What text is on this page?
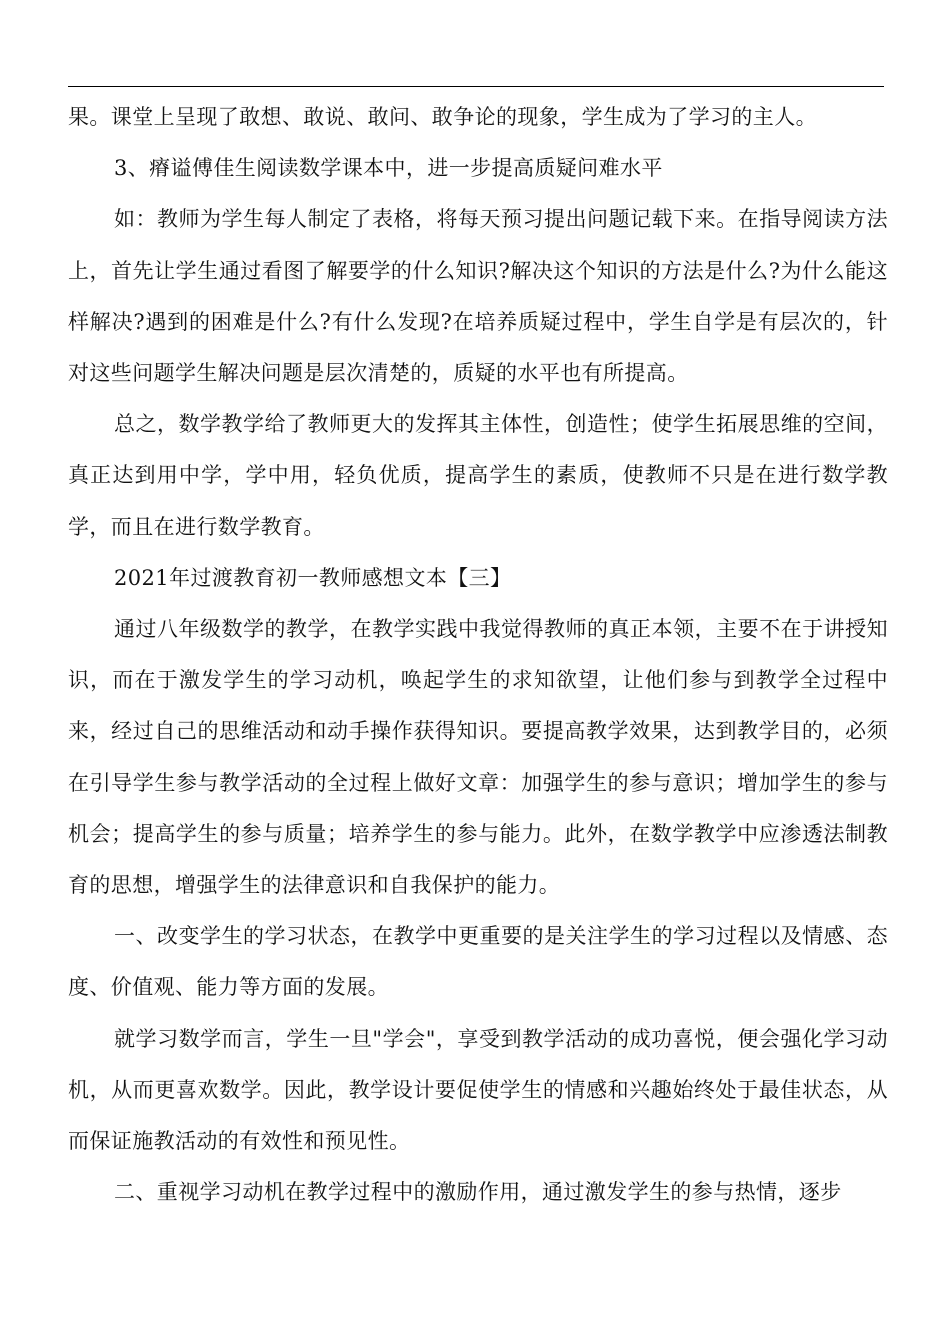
果。课堂上呈现了敢想、敢说、敢问、敢争论的现象，学生成为了学习的主人。

3、瘠谥傅佳生阅读数学课本中，进一步提高质疑问难水平

如：教师为学生每人制定了表格，将每天预习提出问题记载下来。在指导阅读方法上，首先让学生通过看图了解要学的什么知识?解决这个知识的方法是什么?为什么能这样解决?遇到的困难是什么?有什么发现?在培养质疑过程中，学生自学是有层次的，针对这些问题学生解决问题是层次清楚的，质疑的水平也有所提高。

总之，数学教学给了教师更大的发挥其主体性，创造性；使学生拓展思维的空间，真正达到用中学，学中用，轻负优质，提高学生的素质，使教师不只是在进行数学教学，而且在进行数学教育。

2021年过渡教育初一教师感想文本【三】

通过八年级数学的教学，在教学实践中我觉得教师的真正本领，主要不在于讲授知识，而在于激发学生的学习动机，唤起学生的求知欲望，让他们参与到教学全过程中来，经过自己的思维活动和动手操作获得知识。要提高教学效果，达到教学目的，必须在引导学生参与教学活动的全过程上做好文章：加强学生的参与意识；增加学生的参与机会；提高学生的参与质量；培养学生的参与能力。此外，在数学教学中应渗透法制教育的思想，增强学生的法律意识和自我保护的能力。

一、改变学生的学习状态，在教学中更重要的是关注学生的学习过程以及情感、态度、价值观、能力等方面的发展。

就学习数学而言，学生一旦"学会"，享受到教学活动的成功喜悦，便会强化学习动机，从而更喜欢数学。因此，教学设计要促使学生的情感和兴趣始终处于最佳状态，从而保证施教活动的有效性和预见性。

二、重视学习动机在教学过程中的激励作用，通过激发学生的参与热情，逐步
